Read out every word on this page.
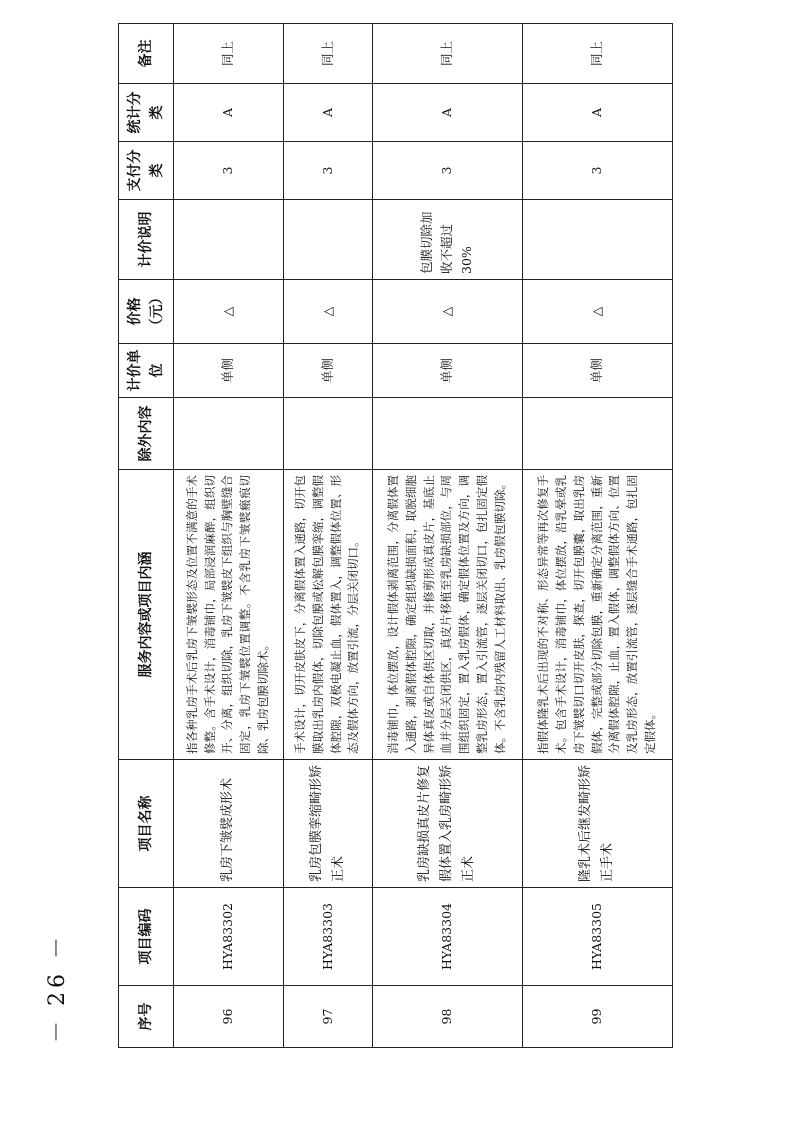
－ 26 －	序号	项目编码	项目名称	服务内容或项目内涵	除外内容	计价单位	价格（元）	计价说明	支付分类	统计分类	备注
96	HYA83302	乳房下皱襞成形术	指各种乳房手术后乳房下皱襞形态及位置不满意的手术修整。含手术设计，消毒铺巾，局部浸润麻醉，组织切开、分离，组织切除，乳房下皱襞皮下组织与胸壁缝合固定，乳房下皱襞位置调整。不含乳房下皱襞瘢痕切除、乳房包膜切除术。		单侧	△		3	A	同上
97	HYA83303	乳房包膜挛缩畸形矫正术	手术设计，切开皮肤皮下，分离假体置入通路，切开包膜取出乳房内假体，切除包膜或松解包膜挛缩，调整假体腔隙，双极电凝止血，假体置入，调整假体位置、形态及假体方向，放置引流，分层关闭切口。		单侧	△		3	A	同上
98	HYA83304	乳房缺损真皮片修复假体置入乳房畸形矫正术	消毒铺巾，体位摆放，设计假体剥离范围，分离假体置入通路，剥离假体腔隙，确定组织缺损面积，取脱细胞异体真皮或自体供区切取，并修剪形成真皮片，基底止血并分层关闭供区，真皮片移植至乳房缺损部位，与周围组织固定，置入乳房假体，确定假体位置及方向，调整乳房形态，置入引流管，逐层关闭切口，包扎固定假体。不含乳房内残留人工材料取出、乳房假包膜切除。		单侧	△	包膜切除加收不超过30%	3	A	同上
99	HYA83305	隆乳术后继发畸形矫正手术	指假体隆乳术后出现的不对称、形态异常等再次修复手术。包含手术设计，消毒铺巾，体位摆放，沿乳晕或乳房下皱襞切口切开皮肤，探查，切开包膜囊，取出乳房假体，完整或部分切除包膜，重新确定分离范围，重新分离假体腔隙，止血，置入假体，调整假体方向、位置及乳房形态，放置引流管，逐层缝合手术通路，包扎固定假体。		单侧	△		3	A	同上
